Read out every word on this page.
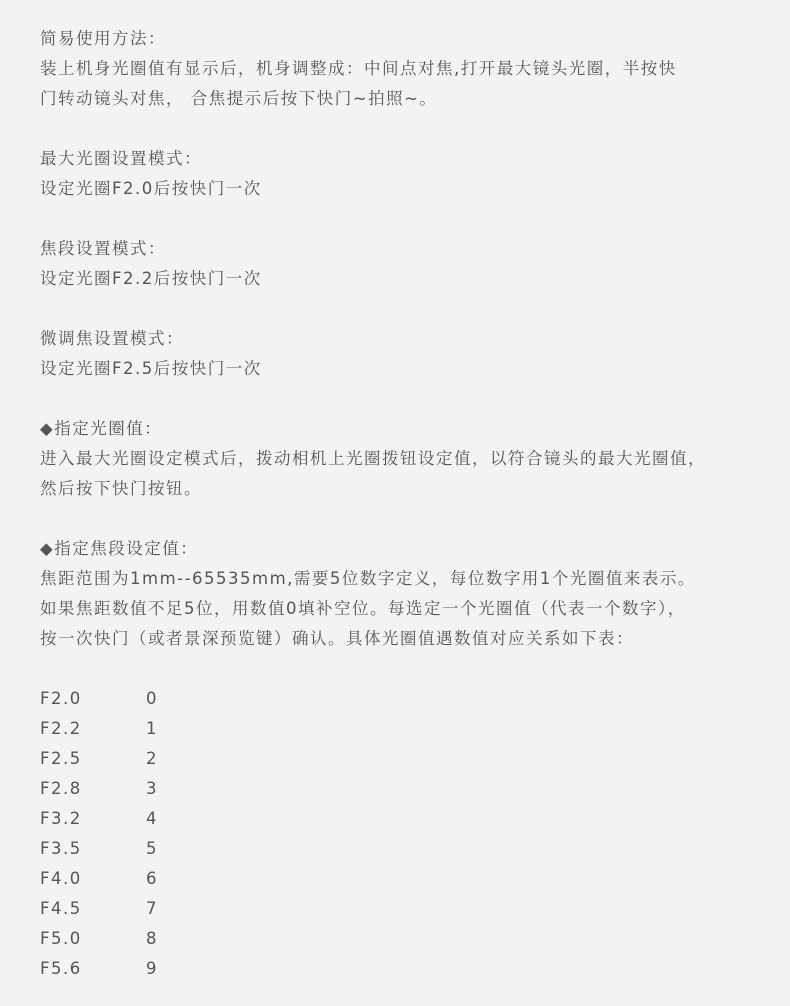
简易使用方法：
装上机身光圈值有显示后，机身调整成：中间点对焦,打开最大镜头光圈，半按快
门转动镜头对焦， 合焦提示后按下快门~拍照~。
最大光圈设置模式：
设定光圈F2.0后按快门一次
焦段设置模式：
设定光圈F2.2后按快门一次
微调焦设置模式：
设定光圈F2.5后按快门一次
◆指定光圈值：
进入最大光圈设定模式后，拨动相机上光圈拨钮设定值，以符合镜头的最大光圈值，
然后按下快门按钮。
◆指定焦段设定值：
焦距范围为1mm--65535mm,需要5位数字定义，每位数字用1个光圈值来表示。
如果焦距数值不足5位，用数值0填补空位。每选定一个光圈值（代表一个数字），
按一次快门（或者景深预览键）确认。具体光圈值遇数值对应关系如下表：
F2.0	0
F2.2	1
F2.5	2
F2.8	3
F3.2	4
F3.5	5
F4.0	6
F4.5	7
F5.0	8
F5.6	9
